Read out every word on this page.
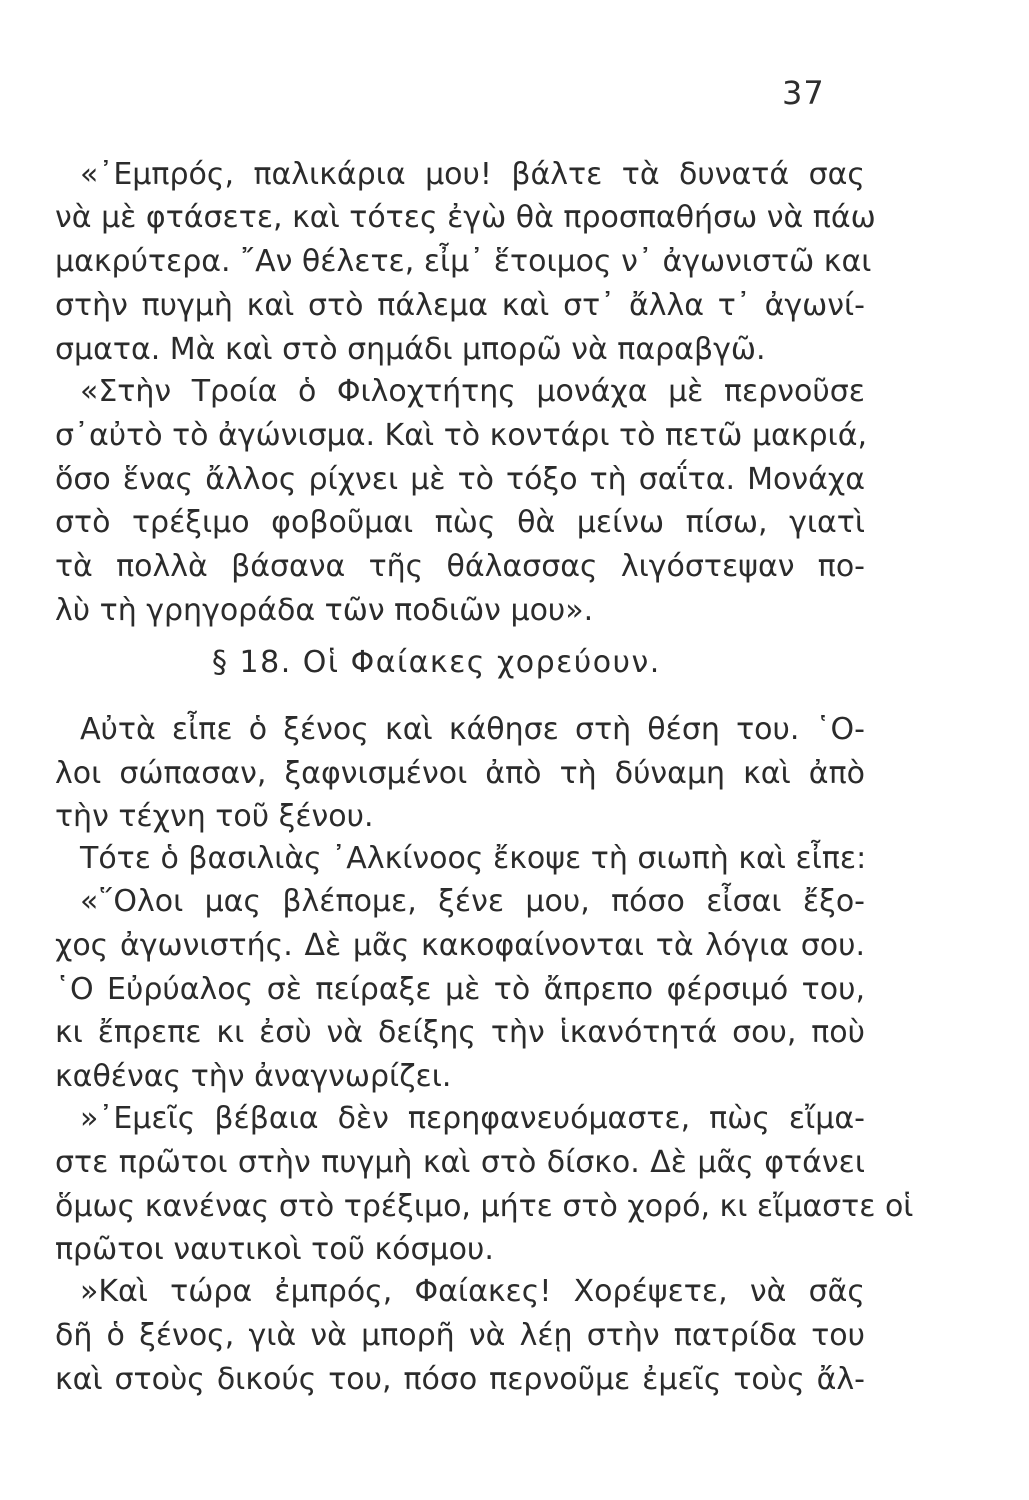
37
«᾿Εμπρός, παλικάρια μου! βάλτε τὰ δυνατά σας
νὰ μὲ φτάσετε, καὶ τότες ἐγὼ θὰ προσπαθήσω νὰ πάω
μακρύτερα. ῎Αν θέλετε, εἶμ᾿ ἕτοιμος ν᾿ ἀγωνιστῶ και
στὴν πυγμὴ καὶ στὸ πάλεμα καὶ στ᾿ ἄλλα τ᾿ ἀγωνί-
σματα. Μὰ καὶ στὸ σημάδι μπορῶ νὰ παραβγῶ.
«Στὴν Τροία ὁ Φιλοχτήτης μονάχα μὲ περνοῦσε
σ᾿αὐτὸ τὸ ἀγώνισμα. Καὶ τὸ κοντάρι τὸ πετῶ μακριά,
ὅσο ἕνας ἄλλος ρίχνει μὲ τὸ τόξο τὴ σαΐτα. Μονάχα
στὸ τρέξιμο φοβοῦμαι πὼς θὰ μείνω πίσω, γιατὶ
τὰ πολλὰ βάσανα τῆς θάλασσας λιγόστεψαν πο-
λὺ τὴ γρηγοράδα τῶν ποδιῶν μου».
§ 18. Οἱ Φαίακες χορεύουν.
Αὐτὰ εἶπε ὁ ξένος καὶ κάθησε στὴ θέση του. ῾Ο-
λοι σώπασαν, ξαφνισμένοι ἀπὸ τὴ δύναμη καὶ ἀπὸ
τὴν τέχνη τοῦ ξένου.
Τότε ὁ βασιλιὰς ᾿Αλκίνοος ἔκοψε τὴ σιωπὴ καὶ εἶπε:
«῞Ολοι μας βλέπομε, ξένε μου, πόσο εἶσαι ἔξο-
χος ἀγωνιστής. Δὲ μᾶς κακοφαίνονται τὰ λόγια σου.
῾Ο Εὐρύαλος σὲ πείραξε μὲ τὸ ἄπρεπο φέρσιμό του,
κι ἔπρεπε κι ἐσὺ νὰ δείξης τὴν ἱκανότητά σου, ποὺ
καθένας τὴν ἀναγνωρίζει.
»᾿Εμεῖς βέβαια δὲν περηφανευόμαστε, πὼς εἴμα-
στε πρῶτοι στὴν πυγμὴ καὶ στὸ δίσκο. Δὲ μᾶς φτάνει
ὅμως κανένας στὸ τρέξιμο, μήτε στὸ χορό, κι εἴμαστε οἱ
πρῶτοι ναυτικοὶ τοῦ κόσμου.
»Καὶ τώρα ἐμπρός, Φαίακες! Χορέψετε, νὰ σᾶς
δῆ ὁ ξένος, γιὰ νὰ μπορῆ νὰ λέῃ στὴν πατρίδα του
καὶ στοὺς δικούς του, πόσο περνοῦμε ἐμεῖς τοὺς ἄλ-
